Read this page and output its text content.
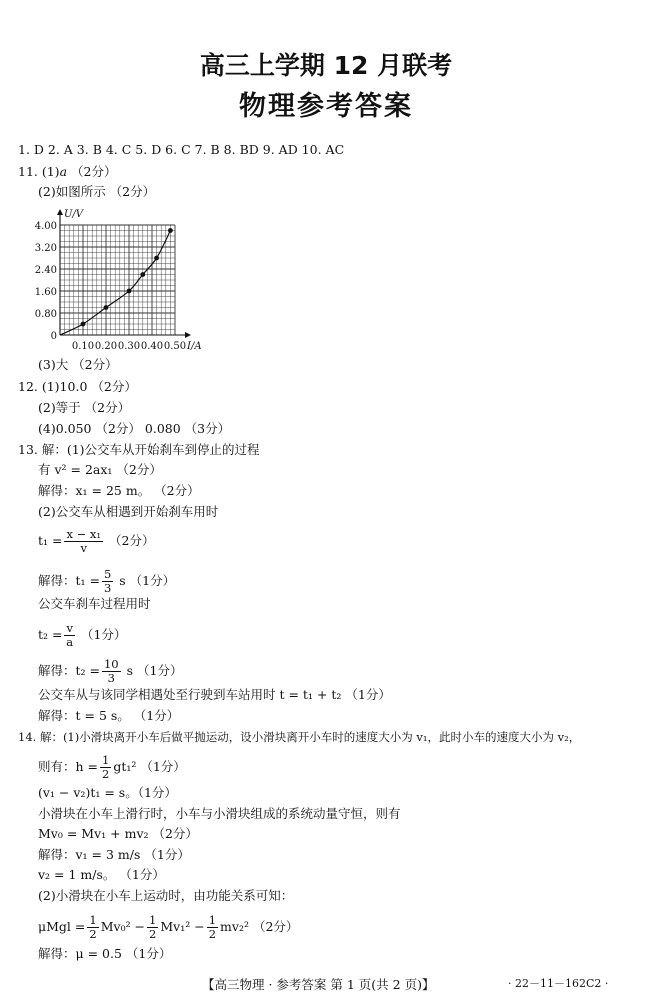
高三上学期 12 月联考
物理参考答案
1. D 2. A 3. B 4. C 5. D 6. C 7. B 8. BD 9. AD 10. AC
11. (1)a （2分）
(2)如图所示 （2分）
4.00
3.20
2.40
1.60
0.80
0
0.10 0.20 0.30 0.40 0.50
U/V
I/A
(3)大 （2分）
12. (1)10.0 （2分）
(2)等于 （2分）
(4)0.050 （2分） 0.080 （3分）
13. 解：(1)公交车从开始刹车到停止的过程
有 v² = 2ax₁ （2分）
解得：x₁ = 25 m。 （2分）
(2)公交车从相遇到开始刹车用时
$t_1 = \frac{\text{x − x₁}}{v} (2$分）
解得：$t_1 = \frac{5}{3}$ s （1分）
公交车刹车过程用时
$t_2 = \frac{v}{a} (1$分）
解得：$t_2 = \frac{10}{3}$ s （1分）
公交车从与该同学相遇处至行驶到车站用时 t = t₁ + t₂ （1分）
解得：t = 5 s。 （1分）
14. 解：(1)小滑块离开小车后做平抛运动，设小滑块离开小车时的速度大小为 v₁，此时小车的速度大小为 v₂，
则有：$h = \frac{1}{2} gt_1^2$ （1分）
(v₁ − v₂)t₁ = s。（1分）
小滑块在小车上滑行时，小车与小滑块组成的系统动量守恒，则有
Mv₀ = Mv₁ + mv₂ （2分）
解得：v₁ = 3 m/s （1分）
v₂ = 1 m/s。 （1分）
(2)小滑块在小车上运动时，由功能关系可知：
$\mu Mgl = \frac{1}{2} Mv_0^2 - \frac{1}{2} Mv_1^2 - \frac{1}{2} mv_2^2$ （2分）
解得：μ = 0.5 （1分）
【高三物理 · 参考答案 第 1 页(共 2 页)】	· 22－11－162C2 ·
